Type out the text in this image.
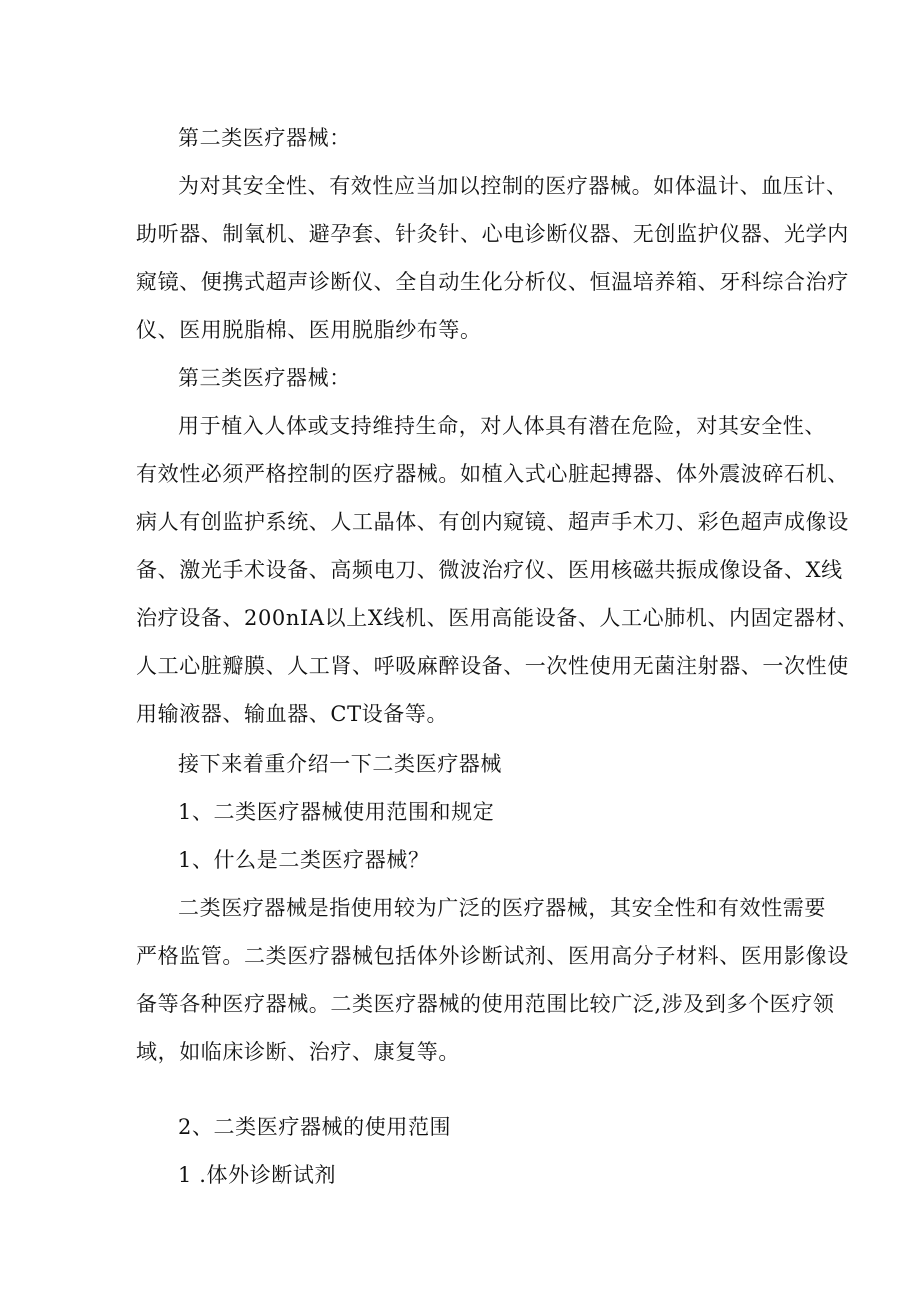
第二类医疗器械：

为对其安全性、有效性应当加以控制的医疗器械。如体温计、血压计、

助听器、制氧机、避孕套、针灸针、心电诊断仪器、无创监护仪器、光学内

窥镜、便携式超声诊断仪、全自动生化分析仪、恒温培养箱、牙科综合治疗

仪、医用脱脂棉、医用脱脂纱布等。

第三类医疗器械：

用于植入人体或支持维持生命，对人体具有潜在危险，对其安全性、

有效性必须严格控制的医疗器械。如植入式心脏起搏器、体外震波碎石机、

病人有创监护系统、人工晶体、有创内窥镜、超声手术刀、彩色超声成像设

备、激光手术设备、高频电刀、微波治疗仪、医用核磁共振成像设备、X线

治疗设备、200nIA以上X线机、医用高能设备、人工心肺机、内固定器材、

人工心脏瓣膜、人工肾、呼吸麻醉设备、一次性使用无菌注射器、一次性使

用输液器、输血器、CT设备等。

接下来着重介绍一下二类医疗器械

1、二类医疗器械使用范围和规定

1、什么是二类医疗器械？

二类医疗器械是指使用较为广泛的医疗器械，其安全性和有效性需要

严格监管。二类医疗器械包括体外诊断试剂、医用高分子材料、医用影像设

备等各种医疗器械。二类医疗器械的使用范围比较广泛,涉及到多个医疗领

域，如临床诊断、治疗、康复等。

2、二类医疗器械的使用范围

1 .体外诊断试剂
